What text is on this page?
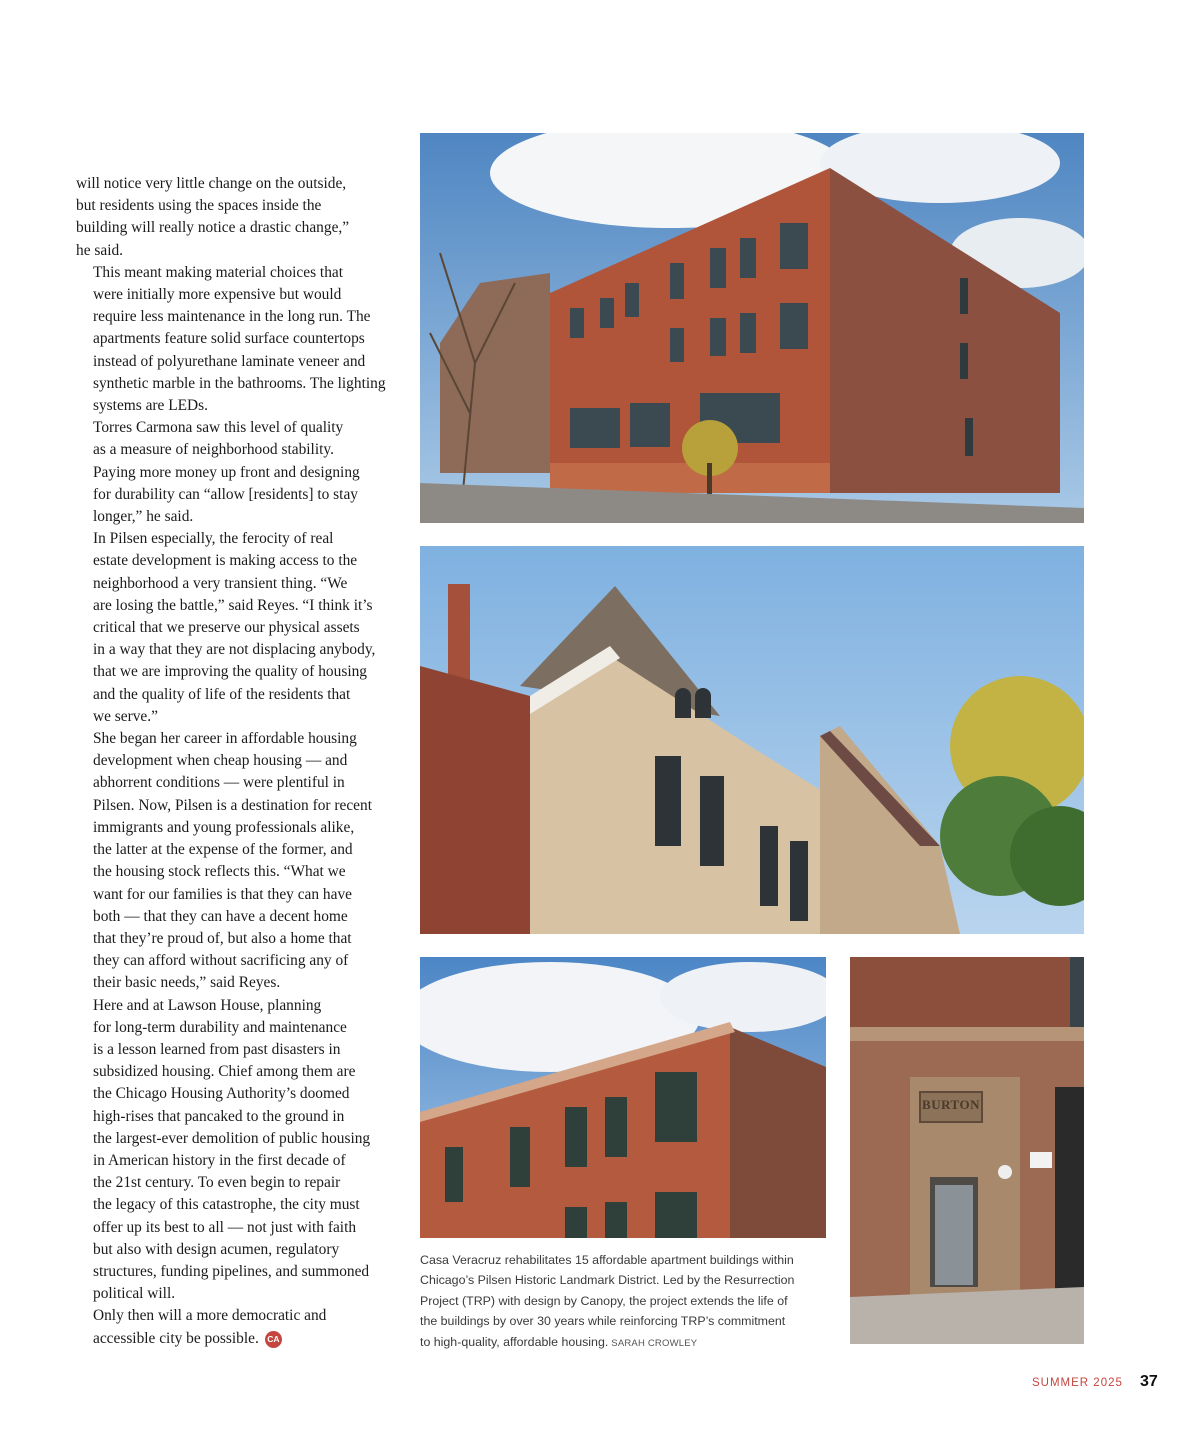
will notice very little change on the outside,
but residents using the spaces inside the
building will really notice a drastic change,”
he said.

This meant making material choices that
were initially more expensive but would
require less maintenance in the long run. The
apartments feature solid surface countertops
instead of polyurethane laminate veneer and
synthetic marble in the bathrooms. The lighting
systems are LEDs.

Torres Carmona saw this level of quality
as a measure of neighborhood stability.
Paying more money up front and designing
for durability can “allow [residents] to stay
longer,” he said.

In Pilsen especially, the ferocity of real
estate development is making access to the
neighborhood a very transient thing. “We
are losing the battle,” said Reyes. “I think it’s
critical that we preserve our physical assets
in a way that they are not displacing anybody,
that we are improving the quality of housing
and the quality of life of the residents that
we serve.”

She began her career in affordable housing
development when cheap housing — and
abhorrent conditions — were plentiful in
Pilsen. Now, Pilsen is a destination for recent
immigrants and young professionals alike,
the latter at the expense of the former, and
the housing stock reflects this. “What we
want for our families is that they can have
both — that they can have a decent home
that they’re proud of, but also a home that
they can afford without sacrificing any of
their basic needs,” said Reyes.

Here and at Lawson House, planning
for long-term durability and maintenance
is a lesson learned from past disasters in
subsidized housing. Chief among them are
the Chicago Housing Authority’s doomed
high-rises that pancaked to the ground in
the largest-ever demolition of public housing
in American history in the first decade of
the 21st century. To even begin to repair
the legacy of this catastrophe, the city must
offer up its best to all — not just with faith
but also with design acumen, regulatory
structures, funding pipelines, and summoned
political will.

Only then will a more democratic and
accessible city be possible. CA

BURTON
Casa Veracruz rehabilitates 15 affordable apartment buildings within
Chicago’s Pilsen Historic Landmark District. Led by the Resurrection
Project (TRP) with design by Canopy, the project extends the life of
the buildings by over 30 years while reinforcing TRP’s commitment
to high-quality, affordable housing. SARAH CROWLEY
SUMMER 2025 37
